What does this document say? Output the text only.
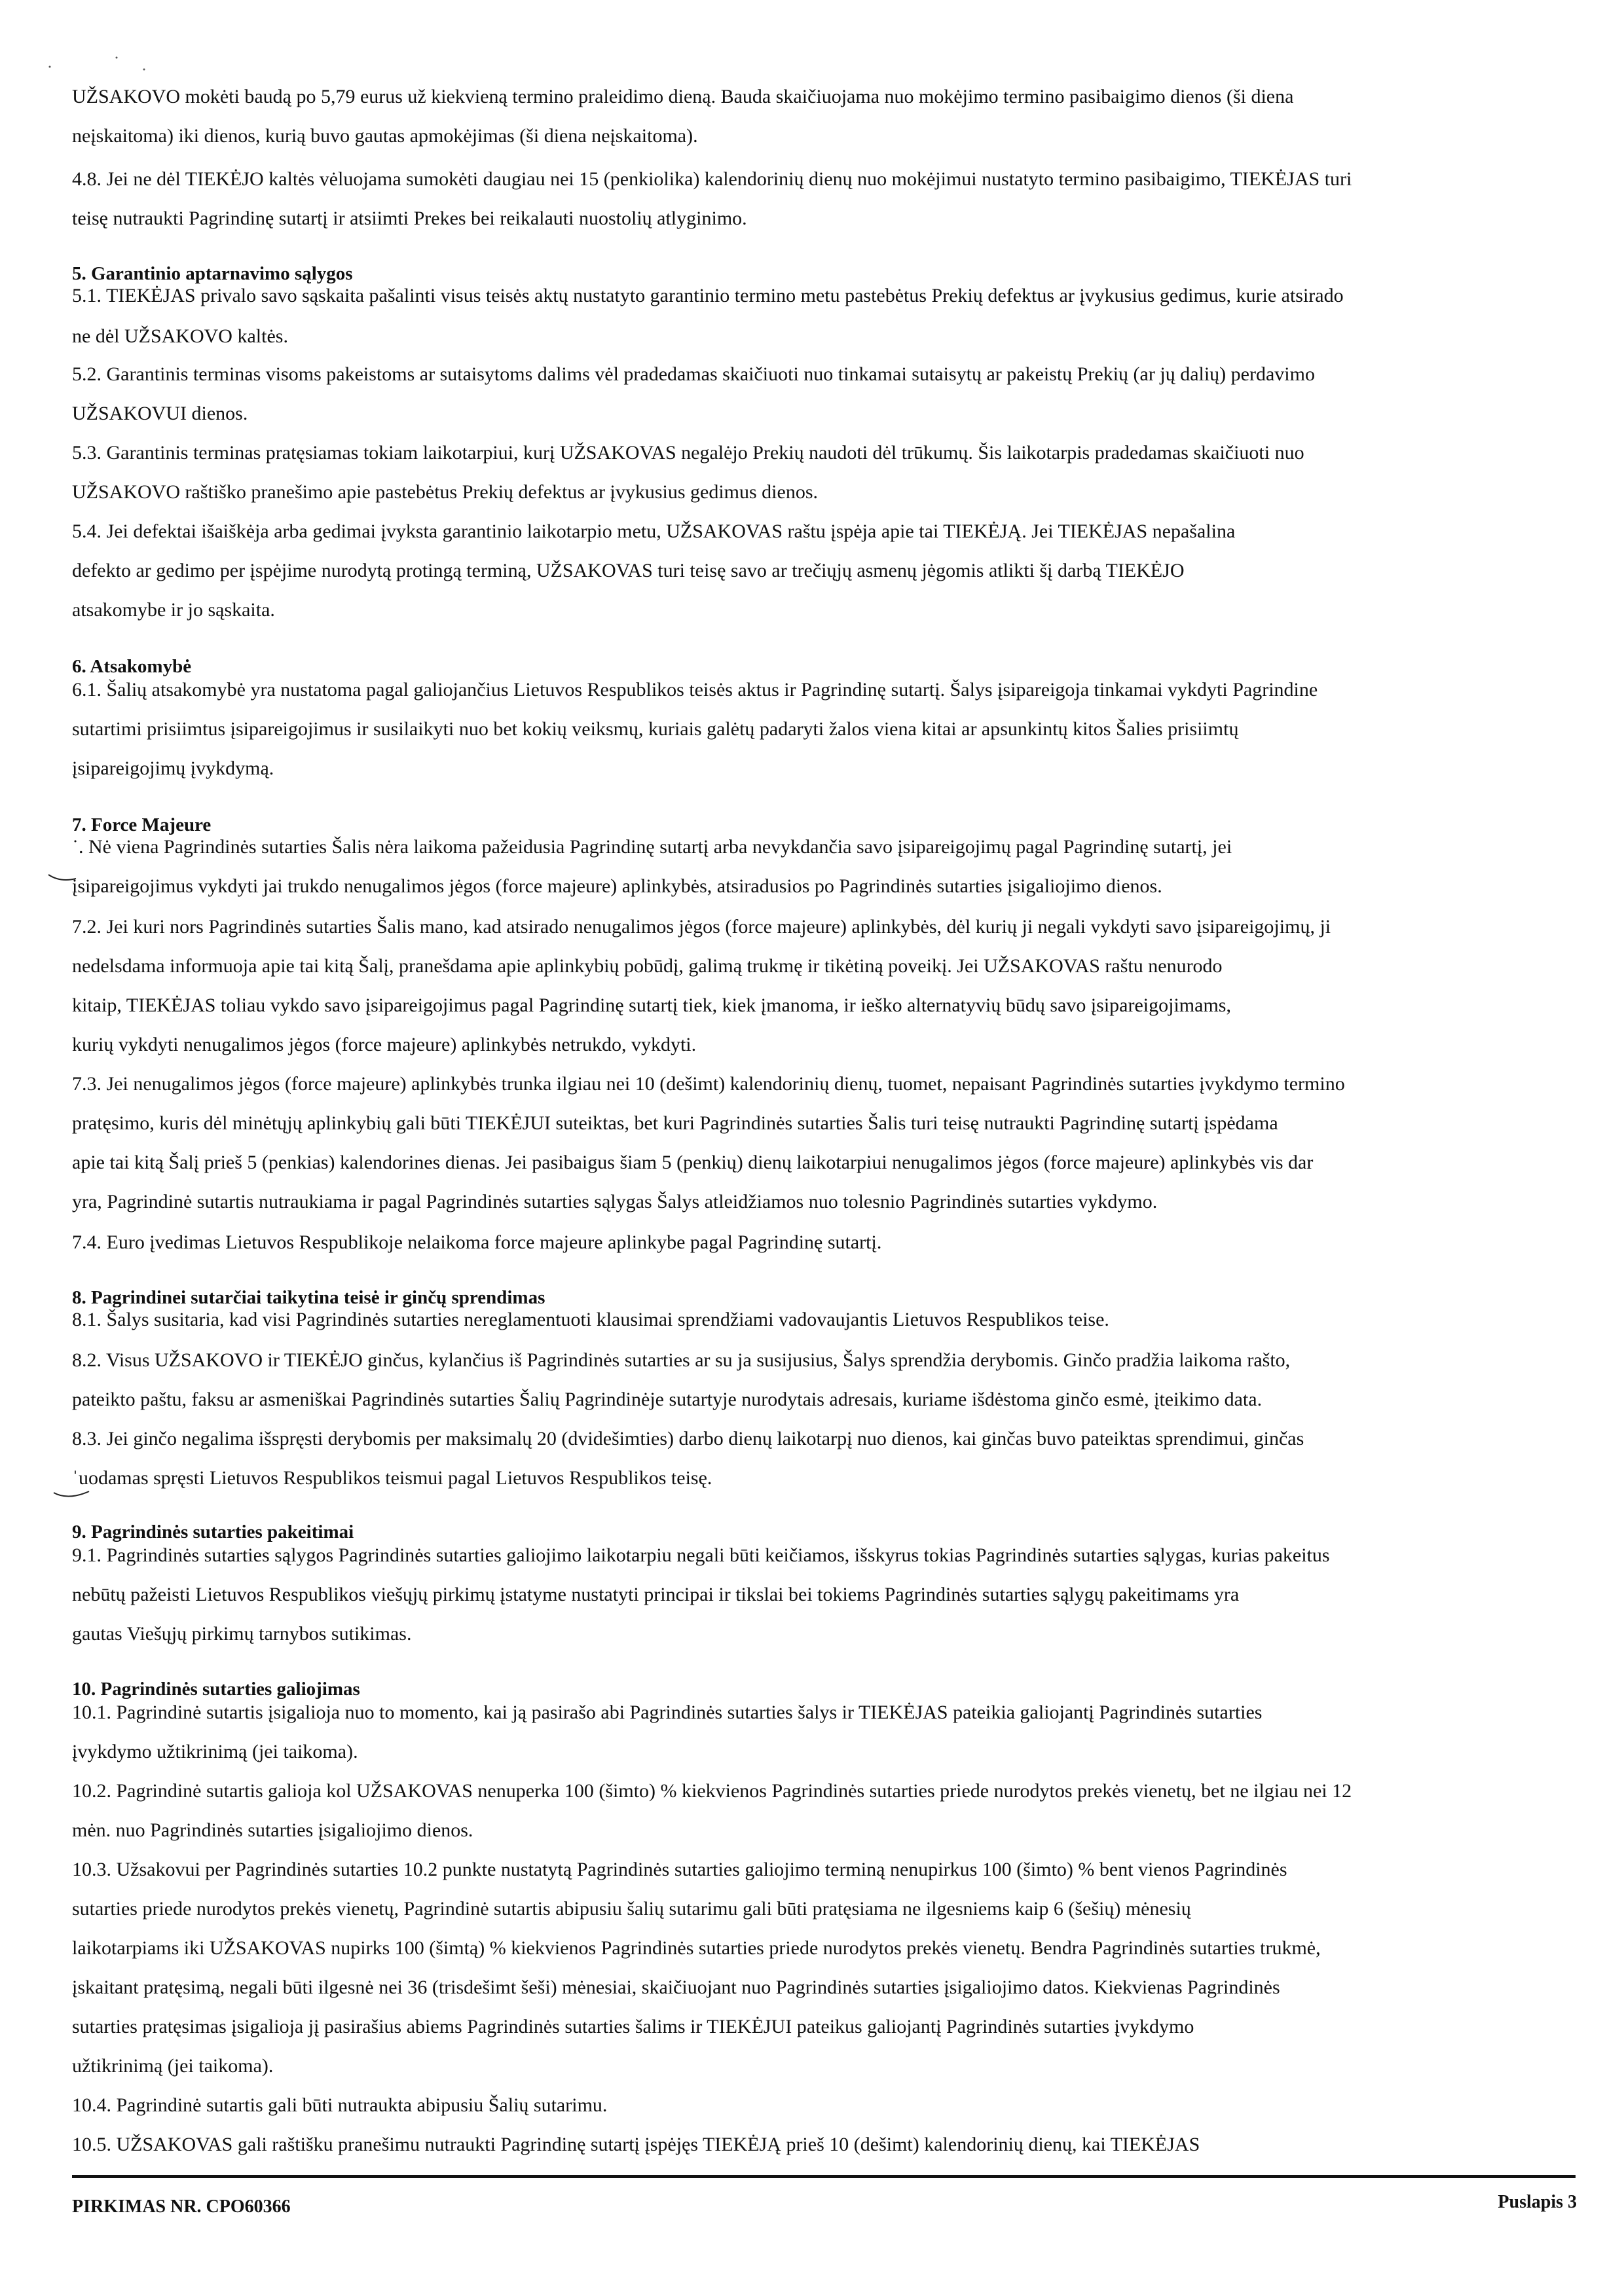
UŽSAKOVO mokėti baudą po 5,79 eurus už kiekvieną termino praleidimo dieną. Bauda skaičiuojama nuo mokėjimo termino pasibaigimo dienos (ši diena
neįskaitoma) iki dienos, kurią buvo gautas apmokėjimas (ši diena neįskaitoma).
4.8. Jei ne dėl TIEKĖJO kaltės vėluojama sumokėti daugiau nei 15 (penkiolika) kalendorinių dienų nuo mokėjimui nustatyto termino pasibaigimo, TIEKĖJAS turi
teisę nutraukti Pagrindinę sutartį ir atsiimti Prekes bei reikalauti nuostolių atlyginimo.
5. Garantinio aptarnavimo sąlygos
5.1. TIEKĖJAS privalo savo sąskaita pašalinti visus teisės aktų nustatyto garantinio termino metu pastebėtus Prekių defektus ar įvykusius gedimus, kurie atsirado
ne dėl UŽSAKOVO kaltės.
5.2. Garantinis terminas visoms pakeistoms ar sutaisytoms dalims vėl pradedamas skaičiuoti nuo tinkamai sutaisytų ar pakeistų Prekių (ar jų dalių) perdavimo
UŽSAKOVUI dienos.
5.3. Garantinis terminas pratęsiamas tokiam laikotarpiui, kurį UŽSAKOVAS negalėjo Prekių naudoti dėl trūkumų. Šis laikotarpis pradedamas skaičiuoti nuo
UŽSAKOVO raštiško pranešimo apie pastebėtus Prekių defektus ar įvykusius gedimus dienos.
5.4. Jei defektai išaiškėja arba gedimai įvyksta garantinio laikotarpio metu, UŽSAKOVAS raštu įspėja apie tai TIEKĖJĄ. Jei TIEKĖJAS nepašalina
defekto ar gedimo per įspėjime nurodytą protingą terminą, UŽSAKOVAS turi teisę savo ar trečiųjų asmenų jėgomis atlikti šį darbą TIEKĖJO
atsakomybe ir jo sąskaita.
6. Atsakomybė
6.1. Šalių atsakomybė yra nustatoma pagal galiojančius Lietuvos Respublikos teisės aktus ir Pagrindinę sutartį. Šalys įsipareigoja tinkamai vykdyti Pagrindine
sutartimi prisiimtus įsipareigojimus ir susilaikyti nuo bet kokių veiksmų, kuriais galėtų padaryti žalos viena kitai ar apsunkintų kitos Šalies prisiimtų
įsipareigojimų įvykdymą.
7. Force Majeure
˙. Nė viena Pagrindinės sutarties Šalis nėra laikoma pažeidusia Pagrindinę sutartį arba nevykdančia savo įsipareigojimų pagal Pagrindinę sutartį, jei
įsipareigojimus vykdyti jai trukdo nenugalimos jėgos (force majeure) aplinkybės, atsiradusios po Pagrindinės sutarties įsigaliojimo dienos.
7.2. Jei kuri nors Pagrindinės sutarties Šalis mano, kad atsirado nenugalimos jėgos (force majeure) aplinkybės, dėl kurių ji negali vykdyti savo įsipareigojimų, ji
nedelsdama informuoja apie tai kitą Šalį, pranešdama apie aplinkybių pobūdį, galimą trukmę ir tikėtiną poveikį. Jei UŽSAKOVAS raštu nenurodo
kitaip, TIEKĖJAS toliau vykdo savo įsipareigojimus pagal Pagrindinę sutartį tiek, kiek įmanoma, ir ieško alternatyvių būdų savo įsipareigojimams,
kurių vykdyti nenugalimos jėgos (force majeure) aplinkybės netrukdo, vykdyti.
7.3. Jei nenugalimos jėgos (force majeure) aplinkybės trunka ilgiau nei 10 (dešimt) kalendorinių dienų, tuomet, nepaisant Pagrindinės sutarties įvykdymo termino
pratęsimo, kuris dėl minėtųjų aplinkybių gali būti TIEKĖJUI suteiktas, bet kuri Pagrindinės sutarties Šalis turi teisę nutraukti Pagrindinę sutartį įspėdama
apie tai kitą Šalį prieš 5 (penkias) kalendorines dienas. Jei pasibaigus šiam 5 (penkių) dienų laikotarpiui nenugalimos jėgos (force majeure) aplinkybės vis dar
yra, Pagrindinė sutartis nutraukiama ir pagal Pagrindinės sutarties sąlygas Šalys atleidžiamos nuo tolesnio Pagrindinės sutarties vykdymo.
7.4. Euro įvedimas Lietuvos Respublikoje nelaikoma force majeure aplinkybe pagal Pagrindinę sutartį.
8. Pagrindinei sutarčiai taikytina teisė ir ginčų sprendimas
8.1. Šalys susitaria, kad visi Pagrindinės sutarties nereglamentuoti klausimai sprendžiami vadovaujantis Lietuvos Respublikos teise.
8.2. Visus UŽSAKOVO ir TIEKĖJO ginčus, kylančius iš Pagrindinės sutarties ar su ja susijusius, Šalys sprendžia derybomis. Ginčo pradžia laikoma rašto,
pateikto paštu, faksu ar asmeniškai Pagrindinės sutarties Šalių Pagrindinėje sutartyje nurodytais adresais, kuriame išdėstoma ginčo esmė, įteikimo data.
8.3. Jei ginčo negalima išspręsti derybomis per maksimalų 20 (dvidešimties) darbo dienų laikotarpį nuo dienos, kai ginčas buvo pateiktas sprendimui, ginčas
ˈuodamas spręsti Lietuvos Respublikos teismui pagal Lietuvos Respublikos teisę.
9. Pagrindinės sutarties pakeitimai
9.1. Pagrindinės sutarties sąlygos Pagrindinės sutarties galiojimo laikotarpiu negali būti keičiamos, išskyrus tokias Pagrindinės sutarties sąlygas, kurias pakeitus
nebūtų pažeisti Lietuvos Respublikos viešųjų pirkimų įstatyme nustatyti principai ir tikslai bei tokiems Pagrindinės sutarties sąlygų pakeitimams yra
gautas Viešųjų pirkimų tarnybos sutikimas.
10. Pagrindinės sutarties galiojimas
10.1. Pagrindinė sutartis įsigalioja nuo to momento, kai ją pasirašo abi Pagrindinės sutarties šalys ir TIEKĖJAS pateikia galiojantį Pagrindinės sutarties
įvykdymo užtikrinimą (jei taikoma).
10.2. Pagrindinė sutartis galioja kol UŽSAKOVAS nenuperka 100 (šimto) % kiekvienos Pagrindinės sutarties priede nurodytos prekės vienetų, bet ne ilgiau nei 12
mėn. nuo Pagrindinės sutarties įsigaliojimo dienos.
10.3. Užsakovui per Pagrindinės sutarties 10.2 punkte nustatytą Pagrindinės sutarties galiojimo terminą nenupirkus 100 (šimto) % bent vienos Pagrindinės
sutarties priede nurodytos prekės vienetų, Pagrindinė sutartis abipusiu šalių sutarimu gali būti pratęsiama ne ilgesniems kaip 6 (šešių) mėnesių
laikotarpiams iki UŽSAKOVAS nupirks 100 (šimtą) % kiekvienos Pagrindinės sutarties priede nurodytos prekės vienetų. Bendra Pagrindinės sutarties trukmė,
įskaitant pratęsimą, negali būti ilgesnė nei 36 (trisdešimt šeši) mėnesiai, skaičiuojant nuo Pagrindinės sutarties įsigaliojimo datos. Kiekvienas Pagrindinės
sutarties pratęsimas įsigalioja jį pasirašius abiems Pagrindinės sutarties šalims ir TIEKĖJUI pateikus galiojantį Pagrindinės sutarties įvykdymo
užtikrinimą (jei taikoma).
10.4. Pagrindinė sutartis gali būti nutraukta abipusiu Šalių sutarimu.
10.5. UŽSAKOVAS gali raštišku pranešimu nutraukti Pagrindinę sutartį įspėjęs TIEKĖJĄ prieš 10 (dešimt) kalendorinių dienų, kai TIEKĖJAS
PIRKIMAS NR. CPO60366	Puslapis 3
